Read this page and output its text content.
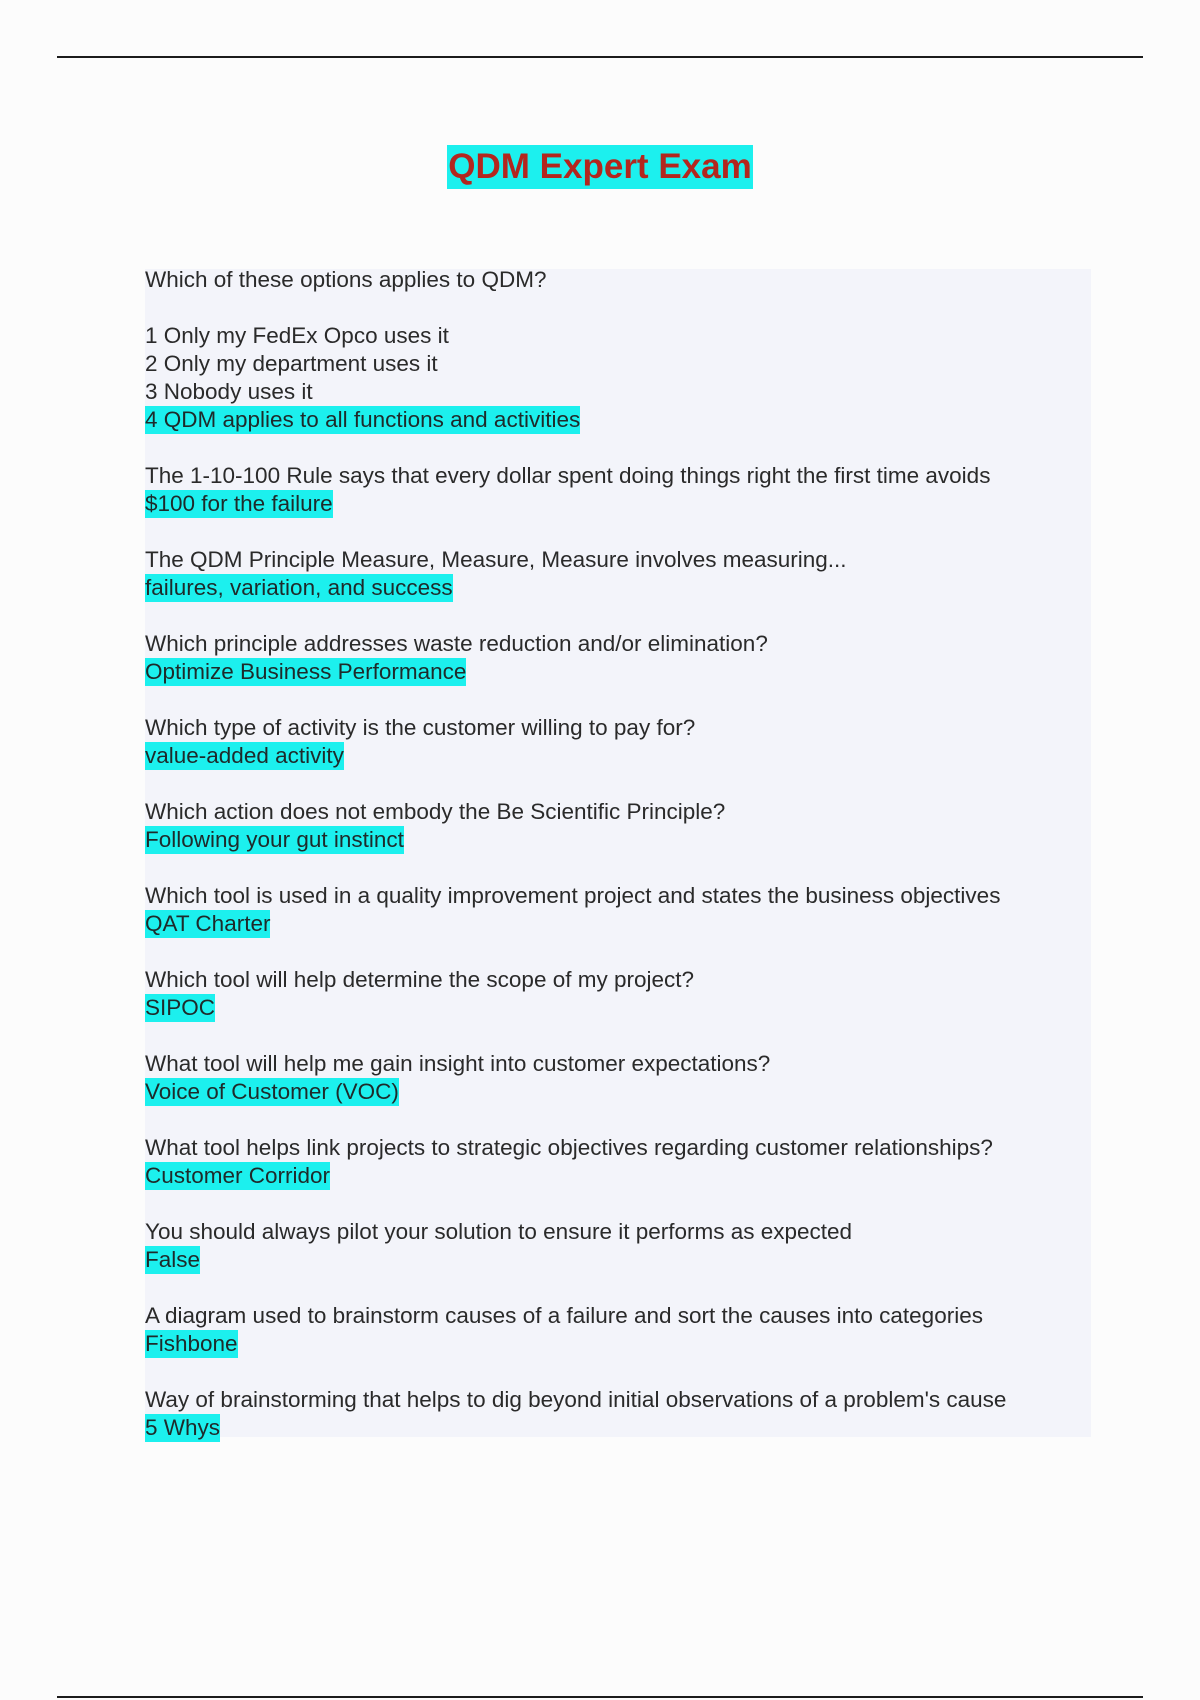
QDM Expert Exam
Which of these options applies to QDM?
1 Only my FedEx Opco uses it
2 Only my department uses it
3 Nobody uses it
4 QDM applies to all functions and activities
The 1-10-100 Rule says that every dollar spent doing things right the first time avoids
$100 for the failure
The QDM Principle Measure, Measure, Measure involves measuring...
failures, variation, and success
Which principle addresses waste reduction and/or elimination?
Optimize Business Performance
Which type of activity is the customer willing to pay for?
value-added activity
Which action does not embody the Be Scientific Principle?
Following your gut instinct
Which tool is used in a quality improvement project and states the business objectives
QAT Charter
Which tool will help determine the scope of my project?
SIPOC
What tool will help me gain insight into customer expectations?
Voice of Customer (VOC)
What tool helps link projects to strategic objectives regarding customer relationships?
Customer Corridor
You should always pilot your solution to ensure it performs as expected
False
A diagram used to brainstorm causes of a failure and sort the causes into categories
Fishbone
Way of brainstorming that helps to dig beyond initial observations of a problem's cause
5 Whys
